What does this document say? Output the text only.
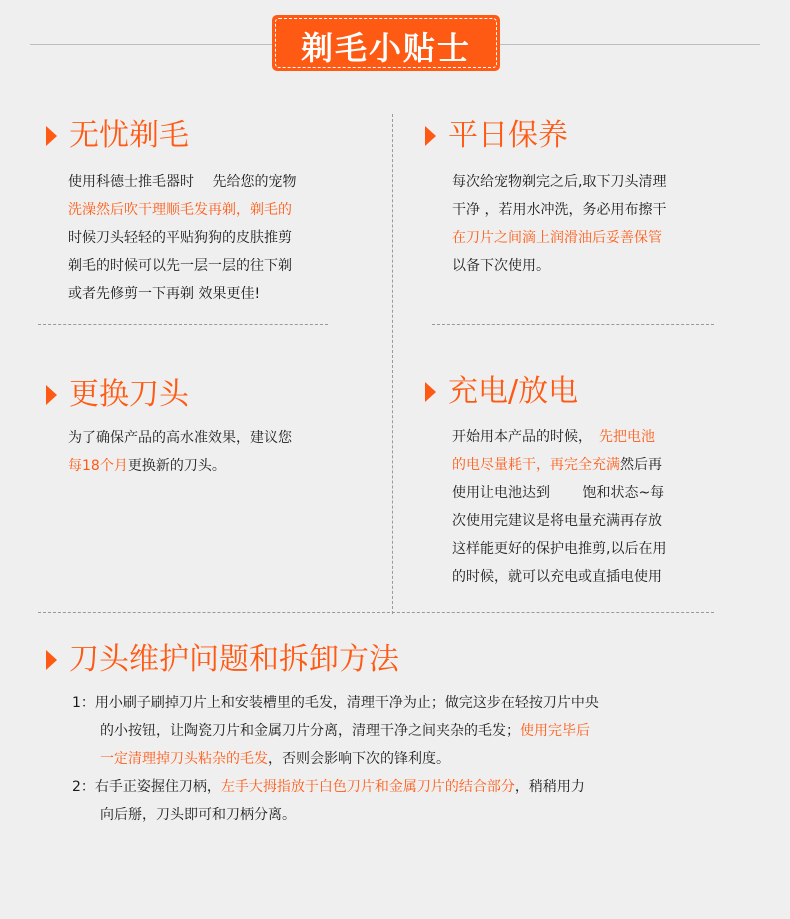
剃毛小贴士
无忧剃毛
使用科德士推毛器时　 先给您的宠物
洗澡然后吹干理顺毛发再剃，剃毛的
时候刀头轻轻的平贴狗狗的皮肤推剪
剃毛的时候可以先一层一层的往下剃
或者先修剪一下再剃 效果更佳!
平日保养
每次给宠物剃完之后,取下刀头清理
干净 ，若用水冲洗，务必用布擦干
在刀片之间滴上润滑油后妥善保管
以备下次使用。
更换刀头
为了确保产品的高水准效果，建议您
每18个月更换新的刀头。
充电/放电
开始用本产品的时候，　先把电池
的电尽量耗干，再完全充满然后再
使用让电池达到　　 饱和状态~每
次使用完建议是将电量充满再存放
这样能更好的保护电推剪,以后在用
的时候，就可以充电或直插电使用
刀头维护问题和拆卸方法
1：用小刷子刷掉刀片上和安装槽里的毛发，清理干净为止；做完这步在轻按刀片中央
　　的小按钮，让陶瓷刀片和金属刀片分离，清理干净之间夹杂的毛发；使用完毕后
　　一定清理掉刀头粘杂的毛发，否则会影响下次的锋利度。
2：右手正姿握住刀柄，左手大拇指放于白色刀片和金属刀片的结合部分，稍稍用力
　　向后掰，刀头即可和刀柄分离。
